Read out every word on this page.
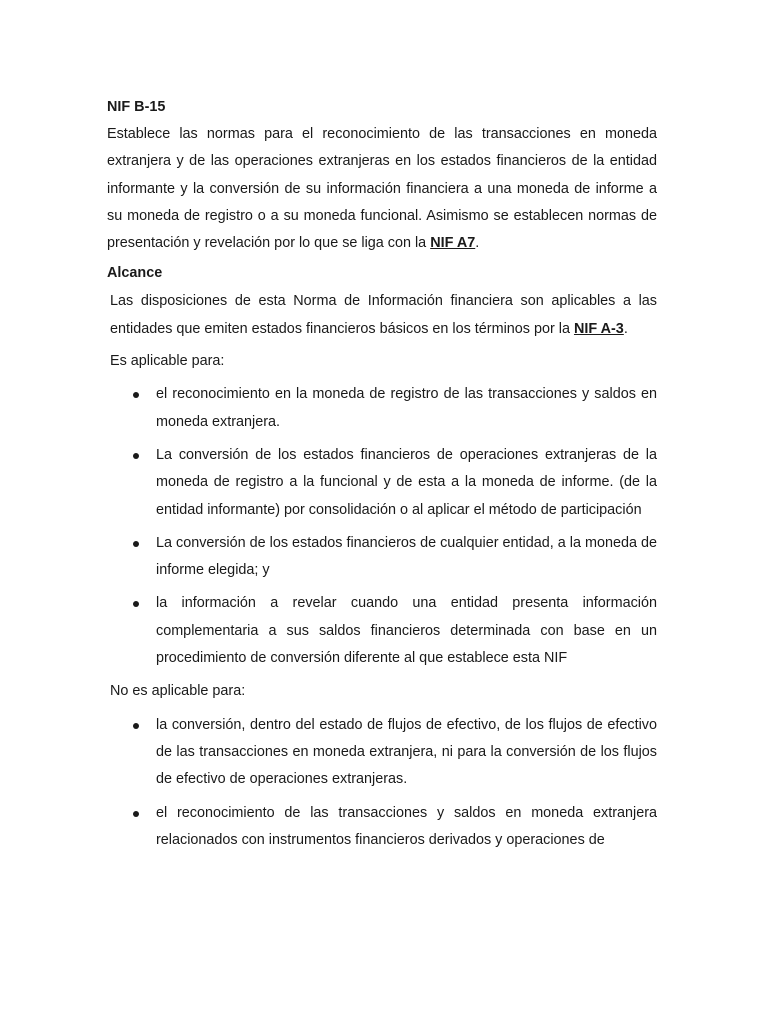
NIF B-15

Establece las normas para el reconocimiento de las transacciones en moneda extranjera y de las operaciones extranjeras en los estados financieros de la entidad informante y la conversión de su información financiera a una moneda de informe a su moneda de registro o a su moneda funcional. Asimismo se establecen normas de presentación y revelación por lo que se liga con la NIF A7.

Alcance

Las disposiciones de esta Norma de Información financiera son aplicables a las entidades que emiten estados financieros básicos en los términos por la NIF A-3.

Es aplicable para:

el reconocimiento en la moneda de registro de las transacciones y saldos en moneda extranjera.
La conversión de los estados financieros de operaciones extranjeras de la moneda de registro a la funcional y de esta a la moneda de informe. (de la entidad informante) por consolidación o al aplicar el método de participación
La conversión de los estados financieros de cualquier entidad, a la moneda de informe elegida; y
la información a revelar cuando una entidad presenta información complementaria a sus saldos financieros determinada con base en un procedimiento de conversión diferente al que establece esta NIF

No es aplicable para:

la conversión, dentro del estado de flujos de efectivo, de los flujos de efectivo de las transacciones en moneda extranjera, ni para la conversión de los flujos de efectivo de operaciones extranjeras.
el reconocimiento de las transacciones y saldos en moneda extranjera relacionados con instrumentos financieros derivados y operaciones de
